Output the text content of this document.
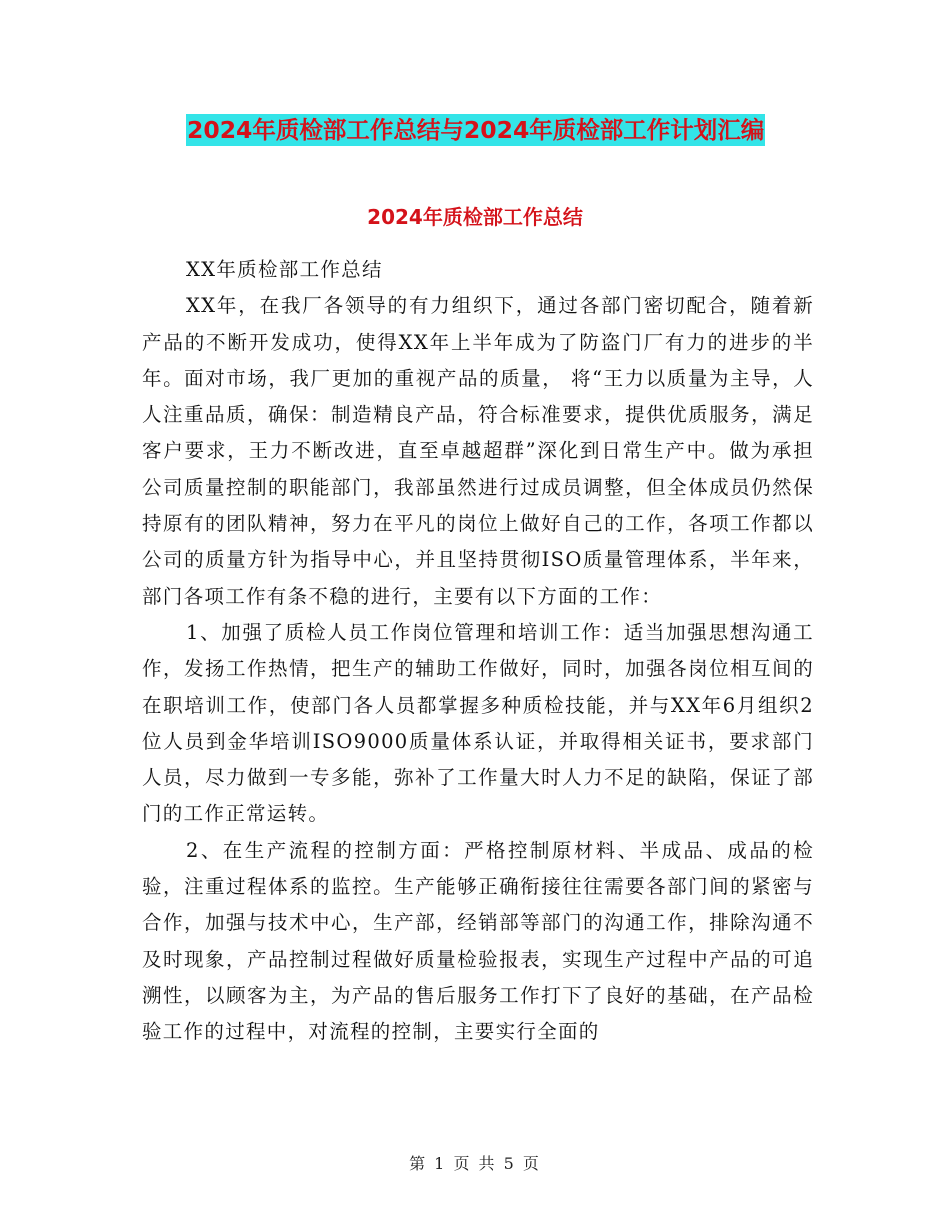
2024年质检部工作总结与2024年质检部工作计划汇编
2024年质检部工作总结

XX年质检部工作总结

XX年，在我厂各领导的有力组织下，通过各部门密切配合，随着新产品的不断开发成功，使得XX年上半年成为了防盗门厂有力的进步的半年。面对市场，我厂更加的重视产品的质量， 将“王力以质量为主导，人人注重品质，确保：制造精良产品，符合标准要求，提供优质服务，满足客户要求，王力不断改进，直至卓越超群”深化到日常生产中。做为承担公司质量控制的职能部门，我部虽然进行过成员调整，但全体成员仍然保持原有的团队精神，努力在平凡的岗位上做好自己的工作，各项工作都以公司的质量方针为指导中心，并且坚持贯彻ISO质量管理体系，半年来，部门各项工作有条不稳的进行，主要有以下方面的工作：

1、加强了质检人员工作岗位管理和培训工作：适当加强思想沟通工作，发扬工作热情，把生产的辅助工作做好，同时，加强各岗位相互间的在职培训工作，使部门各人员都掌握多种质检技能，并与XX年6月组织2位人员到金华培训ISO9000质量体系认证，并取得相关证书，要求部门人员，尽力做到一专多能，弥补了工作量大时人力不足的缺陷，保证了部门的工作正常运转。

2、在生产流程的控制方面：严格控制原材料、半成品、成品的检验，注重过程体系的监控。生产能够正确衔接往往需要各部门间的紧密与合作，加强与技术中心，生产部，经销部等部门的沟通工作，排除沟通不及时现象，产品控制过程做好质量检验报表，实现生产过程中产品的可追溯性，以顾客为主，为产品的售后服务工作打下了良好的基础，在产品检验工作的过程中，对流程的控制，主要实行全面的

第 1 页 共 5 页
